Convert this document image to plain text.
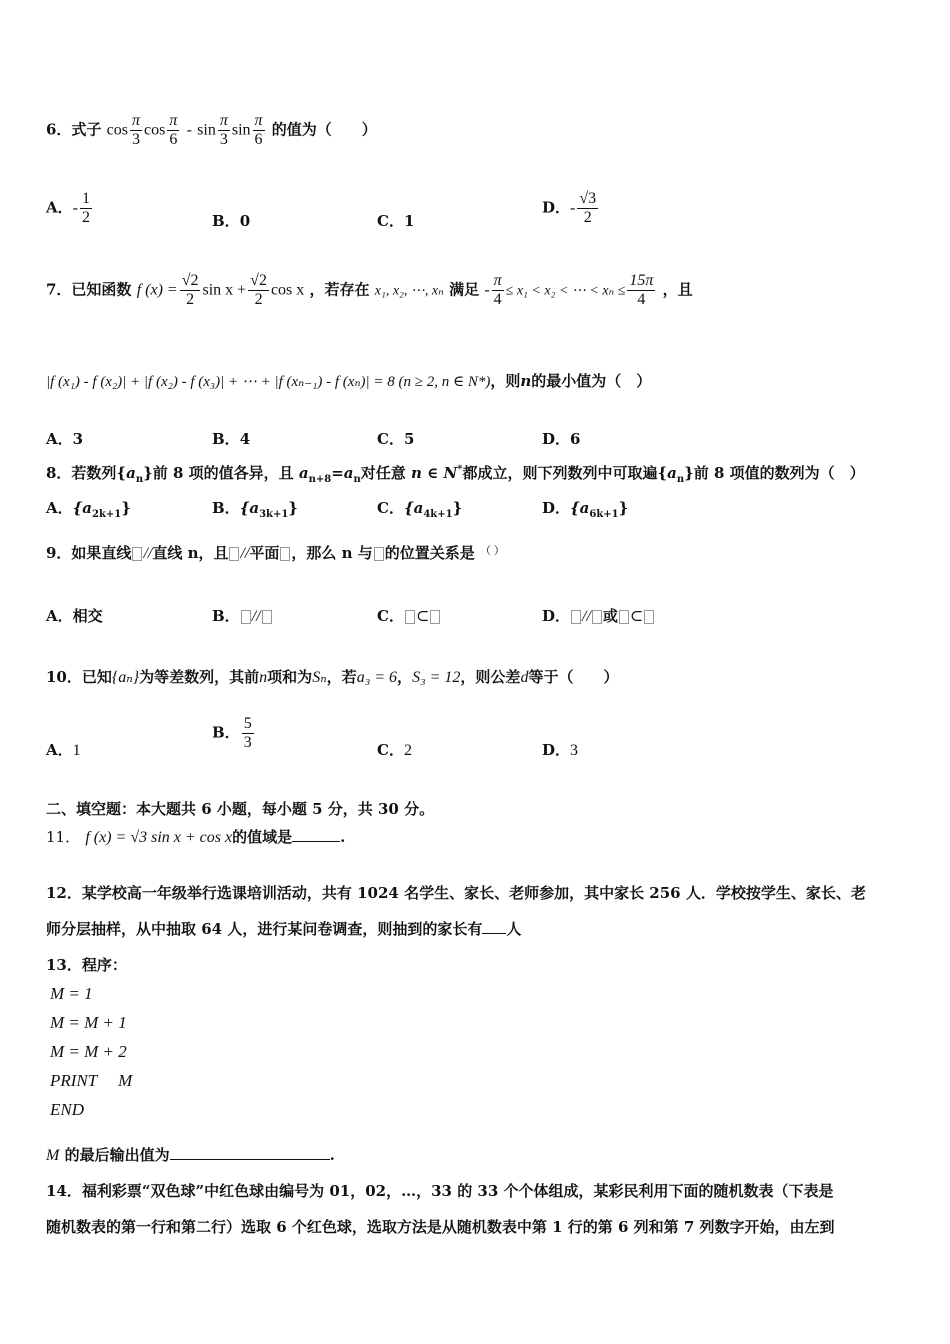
6．式子 $\cos \frac{\pi}{3}$ $\cos \frac{\pi}{6}$ - $\sin \frac{\pi}{3}$ $\sin \frac{\pi}{6}$ 的值为（　　）
A．- $\frac{1}{2}$	B．0	C．1
D．- $\frac{√3}{2}$
7．已知函数 f $(x) = \frac{√2}{2}$ $\sin x + \frac{√2}{2}$ cos x ，若存在 x₁, x₂, ⋯, xₙ 满足 - $\frac{\pi}{4} \le x_1 < x_2$ < ⋯ < $x_n \le \frac{15\pi}{4}$ ，且
|f (x₁) - f (x₂)| + |f (x₂) - f (x₃)| + ⋯ + |f (xₙ₋₁) - f (xₙ)| = 8 (n ≥ 2, n ∈ N*)，则n的最小值为（　）
A．3	B．4	C．5	D．6
8．若数列$\{a_n\}$前 8 项的值各异，且 $a_{n+8}=a_n$对任意 n ∈ N*都成立，则下列数列中可取遍$\{a_n\}$前 8 项值的数列为（　）
A．$\{a_{2k+1}\}$	B．$\{a_{3k+1}\}$	C．$\{a_{4k+1}\}$	D．$\{a_{6k+1}\}$
9．如果直线 //直线 n，且 //平面 ，那么 n 与 的位置关系是 （ ）
A．相交	B． //	C． ⊂	D． // 或 ⊂
10．已知{aₙ}为等差数列，其前n项和为Sₙ，若a₃ = 6，S₃ = 12，则公差d等于（　　）
A．1
B． $\frac{5}{3}$	C．2	D．3
二、填空题：本大题共 6 小题，每小题 5 分，共 30 分。
11． f (x) = √3 sin x + cos x的值域是	.
12．某学校高一年级举行选课培训活动，共有 1024 名学生、家长、老师参加，其中家长 256 人．学校按学生、家长、老
师分层抽样，从中抽取 64 人，进行某问卷调查，则抽到的家长有 人
13．程序：
M = 1
M = M + 1
M = M + 2
PRINT     M
END
M 的最后输出值为	.
14．福利彩票“双色球”中红色球由编号为 01，02，…，33 的 33 个个体组成，某彩民利用下面的随机数表（下表是
随机数表的第一行和第二行）选取 6 个红色球，选取方法是从随机数表中第 1 行的第 6 列和第 7 列数字开始，由左到
